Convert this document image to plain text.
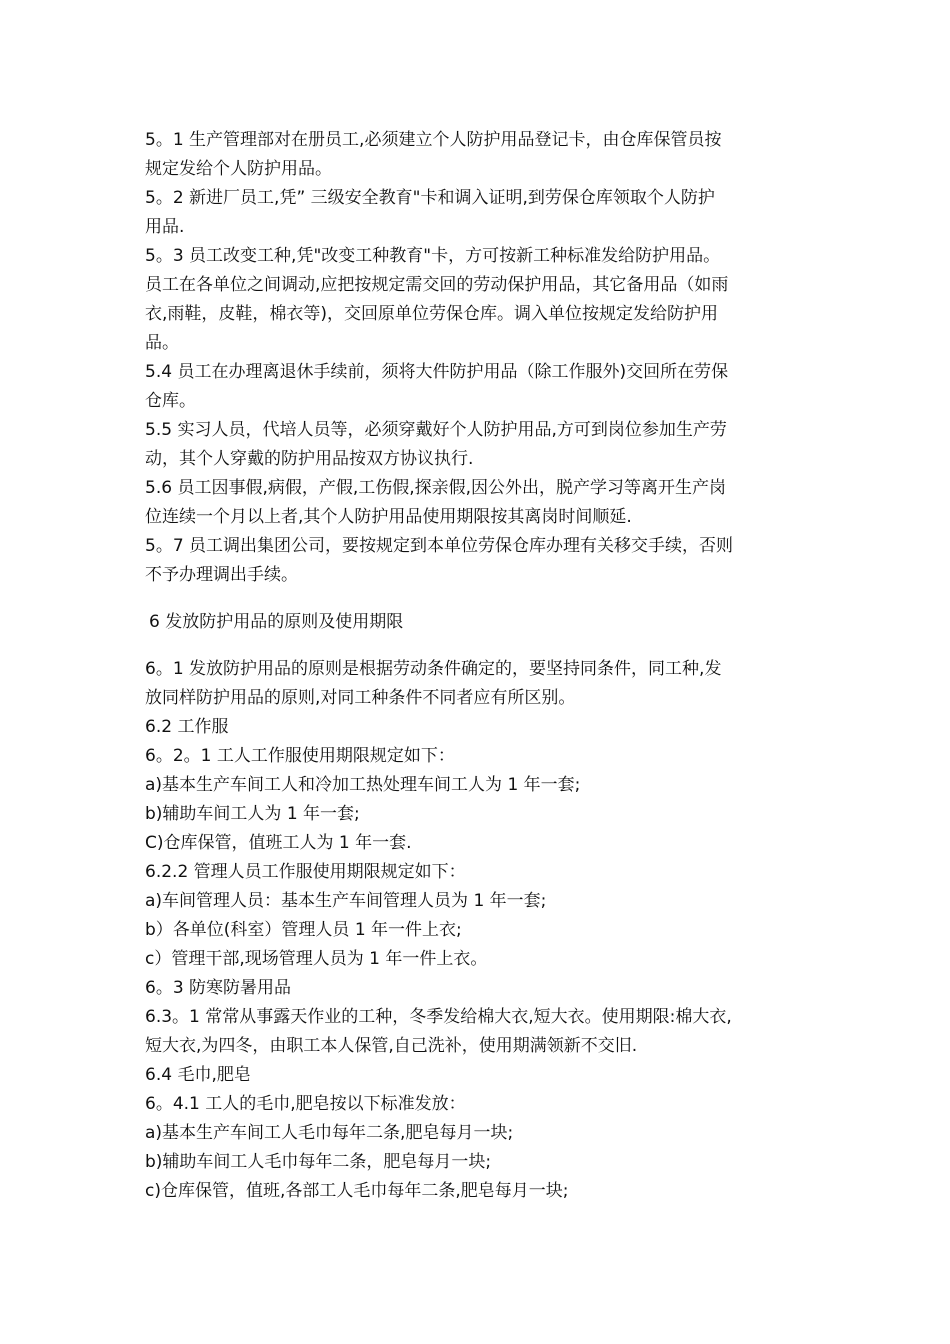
5。1 生产管理部对在册员工,必须建立个人防护用品登记卡，由仓库保管员按
规定发给个人防护用品。
5。2 新进厂员工,凭” 三级安全教育"卡和调入证明,到劳保仓库领取个人防护
用品.
5。3 员工改变工种,凭"改变工种教育"卡，方可按新工种标准发给防护用品。
员工在各单位之间调动,应把按规定需交回的劳动保护用品，其它备用品（如雨
衣,雨鞋，皮鞋，棉衣等)，交回原单位劳保仓库。调入单位按规定发给防护用
品。
5.4 员工在办理离退休手续前，须将大件防护用品（除工作服外)交回所在劳保
仓库。
5.5 实习人员，代培人员等，必须穿戴好个人防护用品,方可到岗位参加生产劳
动，其个人穿戴的防护用品按双方协议执行.
5.6 员工因事假,病假，产假,工伤假,探亲假,因公外出，脱产学习等离开生产岗
位连续一个月以上者,其个人防护用品使用期限按其离岗时间顺延.
5。7 员工调出集团公司，要按规定到本单位劳保仓库办理有关移交手续，否则
不予办理调出手续。
6 发放防护用品的原则及使用期限
6。1 发放防护用品的原则是根据劳动条件确定的，要坚持同条件，同工种,发
放同样防护用品的原则,对同工种条件不同者应有所区别。
6.2 工作服
6。2。1 工人工作服使用期限规定如下：
a)基本生产车间工人和冷加工热处理车间工人为 1 年一套;
b)辅助车间工人为 1 年一套;
C)仓库保管，值班工人为 1 年一套.
6.2.2 管理人员工作服使用期限规定如下：
a)车间管理人员：基本生产车间管理人员为 1 年一套;
b）各单位(科室）管理人员 1 年一件上衣;
c）管理干部,现场管理人员为 1 年一件上衣。
6。3 防寒防暑用品
6.3。1 常常从事露天作业的工种，冬季发给棉大衣,短大衣。使用期限:棉大衣,
短大衣,为四冬，由职工本人保管,自己洗补，使用期满领新不交旧.
6.4 毛巾,肥皂
6。4.1 工人的毛巾,肥皂按以下标准发放：
a)基本生产车间工人毛巾每年二条,肥皂每月一块;
b)辅助车间工人毛巾每年二条，肥皂每月一块;
c)仓库保管，值班,各部工人毛巾每年二条,肥皂每月一块;
